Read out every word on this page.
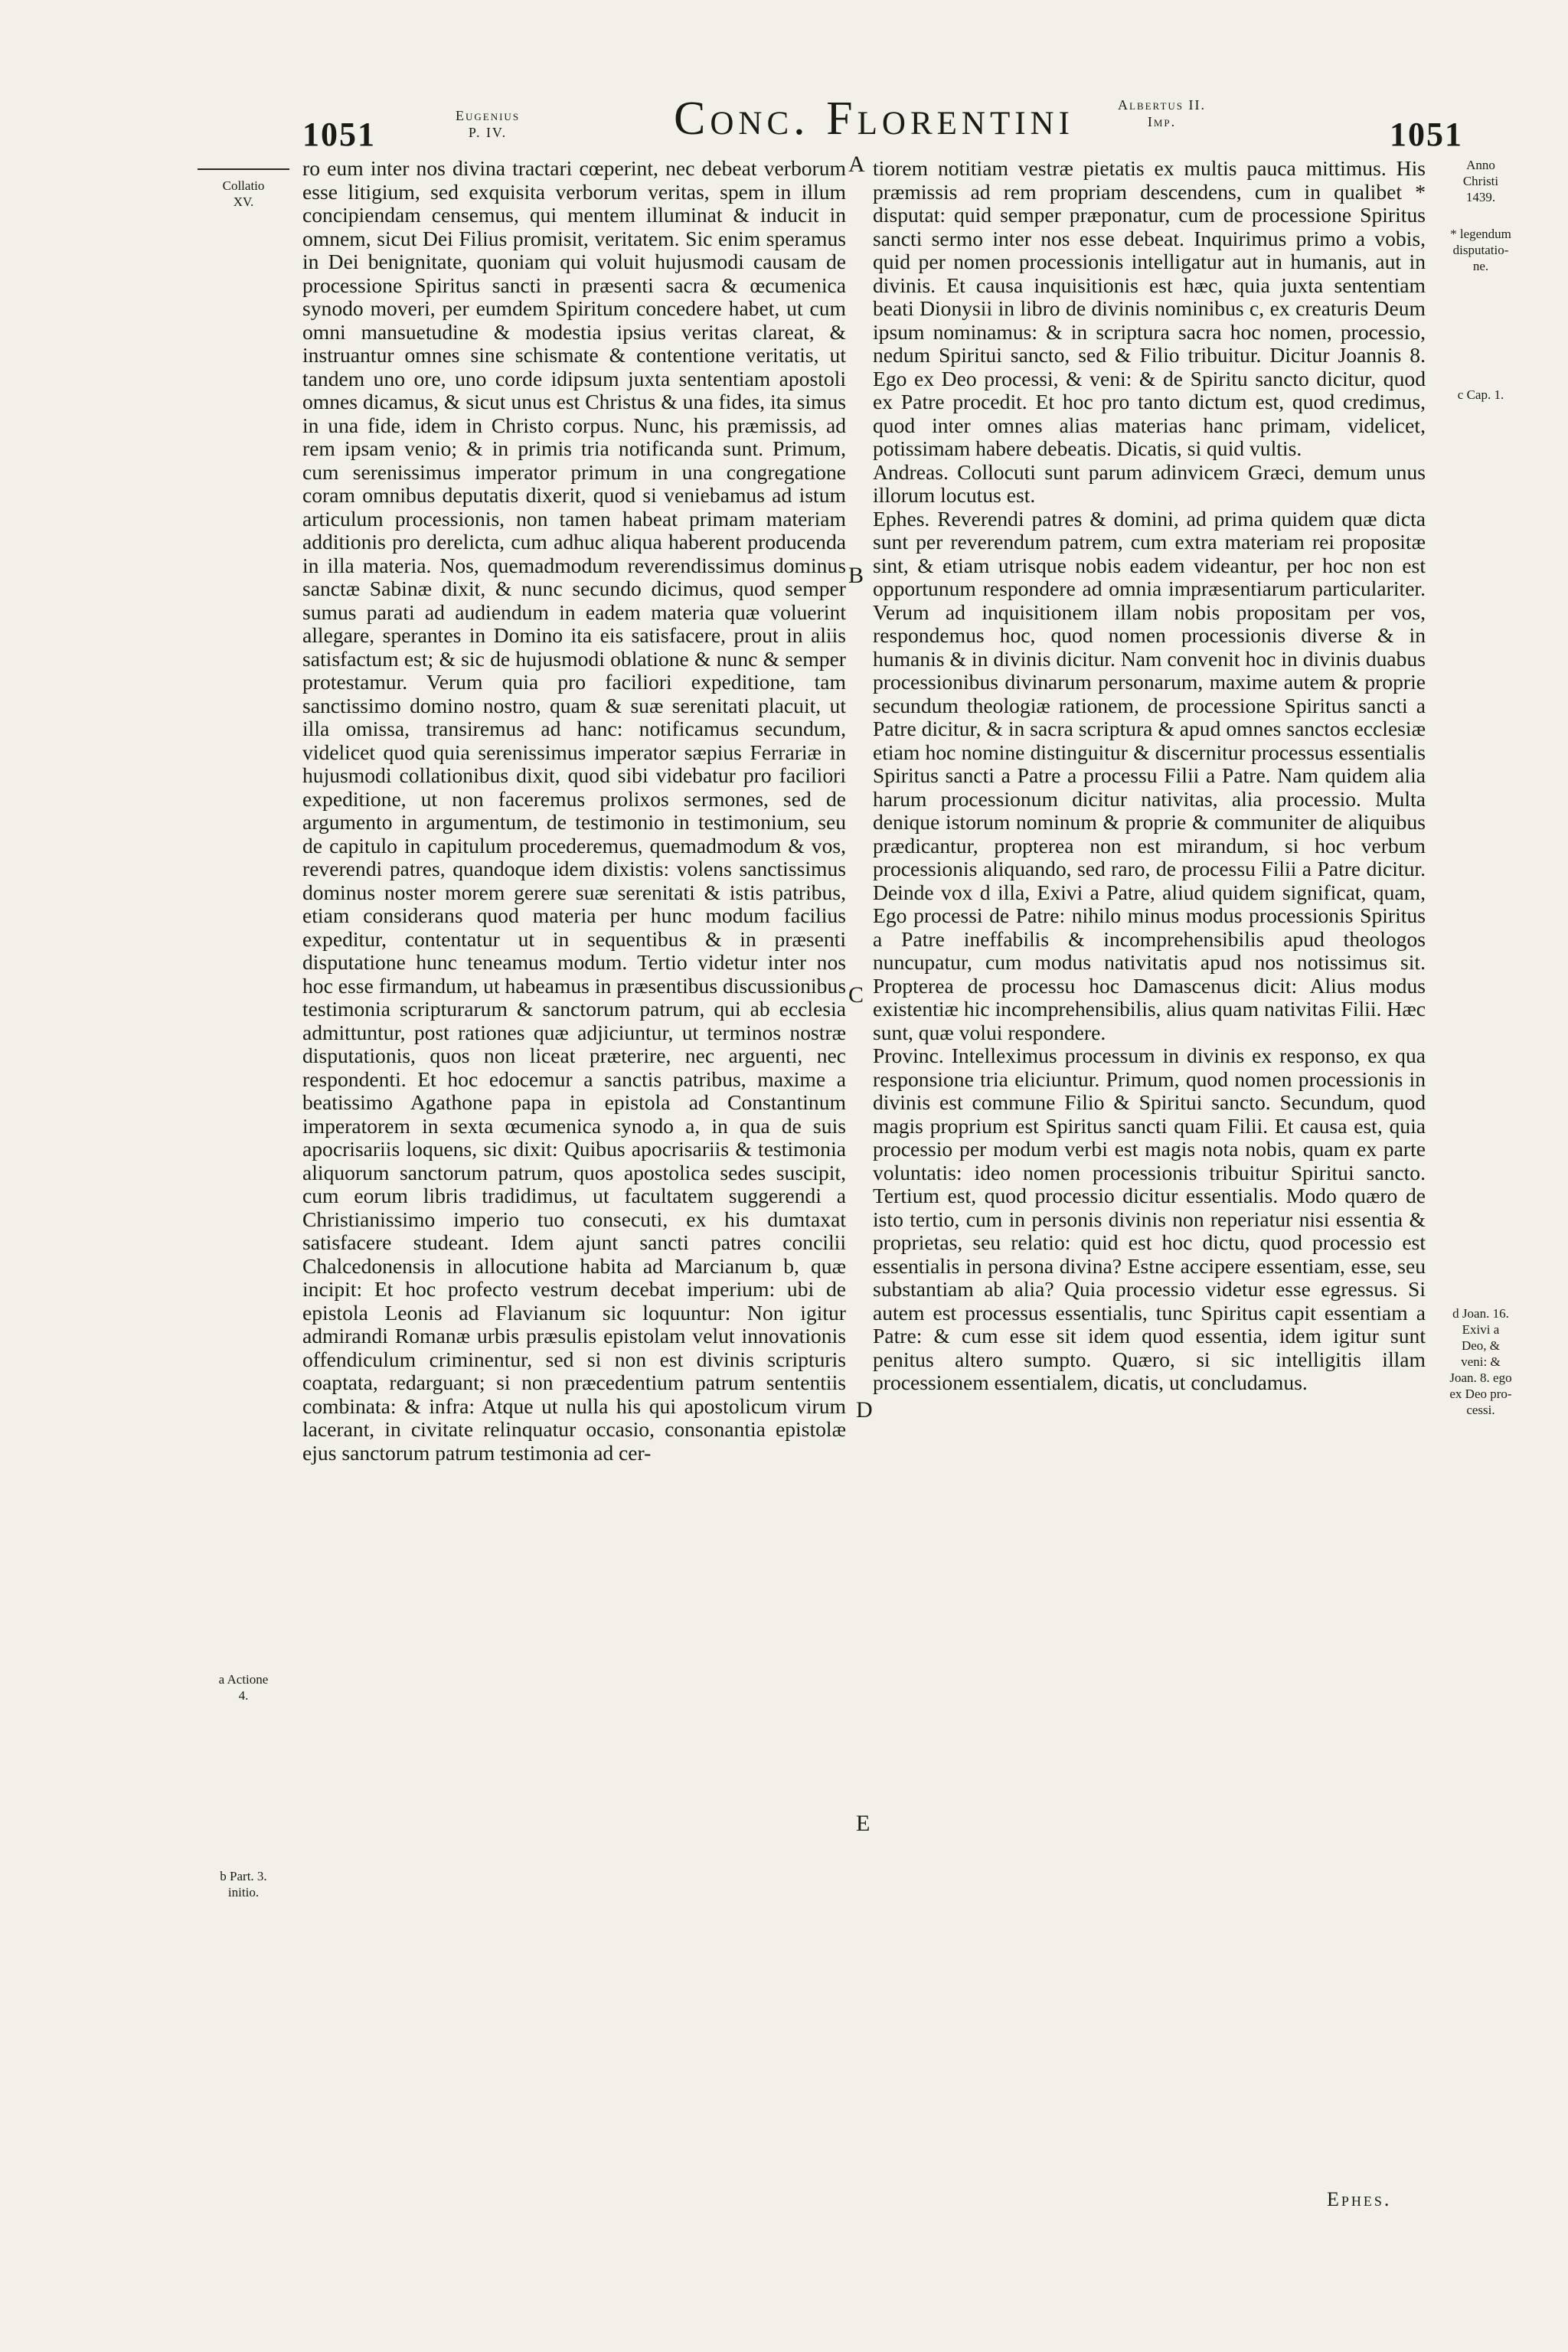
1051	Eugenius
P. IV.	Conc. Florentini	Albertus II.
Imp.	1051
Collatio
XV.
a Actione
4.
b Part. 3.
initio.
A
B
C
D
E

ro eum inter nos divina tractari cœperint, nec debeat verborum esse litigium, sed exquisita verborum veritas, spem in illum concipiendam censemus, qui mentem illuminat & inducit in omnem, sicut Dei Filius promisit, veritatem. Sic enim speramus in Dei benignitate, quoniam qui voluit hujusmodi causam de processione Spiritus sancti in præsenti sacra & œcumenica synodo moveri, per eumdem Spiritum concedere habet, ut cum omni mansuetudine & modestia ipsius veritas clareat, & instruantur omnes sine schismate & contentione veritatis, ut tandem uno ore, uno corde idipsum juxta sententiam apostoli omnes dicamus, & sicut unus est Christus & una fides, ita simus in una fide, idem in Christo corpus. Nunc, his præmissis, ad rem ipsam venio; & in primis tria notificanda sunt. Primum, cum serenissimus imperator primum in una congregatione coram omnibus deputatis dixerit, quod si veniebamus ad istum articulum processionis, non tamen habeat primam materiam additionis pro derelicta, cum adhuc aliqua haberent producenda in illa materia. Nos, quemadmodum reverendissimus dominus sanctæ Sabinæ dixit, & nunc secundo dicimus, quod semper sumus parati ad audiendum in eadem materia quæ voluerint allegare, sperantes in Domino ita eis satisfacere, prout in aliis satisfactum est; & sic de hujusmodi oblatione & nunc & semper protestamur. Verum quia pro faciliori expeditione, tam sanctissimo domino nostro, quam & suæ serenitati placuit, ut illa omissa, transiremus ad hanc: notificamus secundum, videlicet quod quia serenissimus imperator sæpius Ferrariæ in hujusmodi collationibus dixit, quod sibi videbatur pro faciliori expeditione, ut non faceremus prolixos sermones, sed de argumento in argumentum, de testimonio in testimonium, seu de capitulo in capitulum procederemus, quemadmodum & vos, reverendi patres, quandoque idem dixistis: volens sanctissimus dominus noster morem gerere suæ serenitati & istis patribus, etiam considerans quod materia per hunc modum facilius expeditur, contentatur ut in sequentibus & in præsenti disputatione hunc teneamus modum. Tertio videtur inter nos hoc esse firmandum, ut habeamus in præsentibus discussionibus testimonia scripturarum & sanctorum patrum, qui ab ecclesia admittuntur, post rationes quæ adjiciuntur, ut terminos nostræ disputationis, quos non liceat præterire, nec arguenti, nec respondenti. Et hoc edocemur a sanctis patribus, maxime a beatissimo Agathone papa in epistola ad Constantinum imperatorem in sexta œcumenica synodo a, in qua de suis apocrisariis loquens, sic dixit: Quibus apocrisariis & testimonia aliquorum sanctorum patrum, quos apostolica sedes suscipit, cum eorum libris tradidimus, ut facultatem suggerendi a Christianissimo imperio tuo consecuti, ex his dumtaxat satisfacere studeant. Idem ajunt sancti patres concilii Chalcedonensis in allocutione habita ad Marcianum b, quæ incipit: Et hoc profecto vestrum decebat imperium: ubi de epistola Leonis ad Flavianum sic loquuntur: Non igitur admirandi Romanæ urbis præsulis epistolam velut innovationis offendiculum criminentur, sed si non est divinis scripturis coaptata, redarguant; si non præcedentium patrum sententiis combinata: & infra: Atque ut nulla his qui apostolicum virum lacerant, in civitate relinquatur occasio, consonantia epistolæ ejus sanctorum patrum testimonia ad cer-

tiorem notitiam vestræ pietatis ex multis pauca mittimus. His præmissis ad rem propriam descendens, cum in qualibet * disputat: quid semper præponatur, cum de processione Spiritus sancti sermo inter nos esse debeat. Inquirimus primo a vobis, quid per nomen processionis intelligatur aut in humanis, aut in divinis. Et causa inquisitionis est hæc, quia juxta sententiam beati Dionysii in libro de divinis nominibus c, ex creaturis Deum ipsum nominamus: & in scriptura sacra hoc nomen, processio, nedum Spiritui sancto, sed & Filio tribuitur. Dicitur Joannis 8. Ego ex Deo processi, & veni: & de Spiritu sancto dicitur, quod ex Patre procedit. Et hoc pro tanto dictum est, quod credimus, quod inter omnes alias materias hanc primam, videlicet, potissimam habere debeatis. Dicatis, si quid vultis.

Andreas. Collocuti sunt parum adinvicem Græci, demum unus illorum locutus est.

Ephes. Reverendi patres & domini, ad prima quidem quæ dicta sunt per reverendum patrem, cum extra materiam rei propositæ sint, & etiam utrisque nobis eadem videantur, per hoc non est opportunum respondere ad omnia impræsentiarum particulariter. Verum ad inquisitionem illam nobis propositam per vos, respondemus hoc, quod nomen processionis diverse & in humanis & in divinis dicitur. Nam convenit hoc in divinis duabus processionibus divinarum personarum, maxime autem & proprie secundum theologiæ rationem, de processione Spiritus sancti a Patre dicitur, & in sacra scriptura & apud omnes sanctos ecclesiæ etiam hoc nomine distinguitur & discernitur processus essentialis Spiritus sancti a Patre a processu Filii a Patre. Nam quidem alia harum processionum dicitur nativitas, alia processio. Multa denique istorum nominum & proprie & communiter de aliquibus prædicantur, propterea non est mirandum, si hoc verbum processionis aliquando, sed raro, de processu Filii a Patre dicitur. Deinde vox d illa, Exivi a Patre, aliud quidem significat, quam, Ego processi de Patre: nihilo minus modus processionis Spiritus a Patre ineffabilis & incomprehensibilis apud theologos nuncupatur, cum modus nativitatis apud nos notissimus sit. Propterea de processu hoc Damascenus dicit: Alius modus existentiæ hic incomprehensibilis, alius quam nativitas Filii. Hæc sunt, quæ volui respondere.

Provinc. Intelleximus processum in divinis ex responso, ex qua responsione tria eliciuntur. Primum, quod nomen processionis in divinis est commune Filio & Spiritui sancto. Secundum, quod magis proprium est Spiritus sancti quam Filii. Et causa est, quia processio per modum verbi est magis nota nobis, quam ex parte voluntatis: ideo nomen processionis tribuitur Spiritui sancto. Tertium est, quod processio dicitur essentialis. Modo quæro de isto tertio, cum in personis divinis non reperiatur nisi essentia & proprietas, seu relatio: quid est hoc dictu, quod processio est essentialis in persona divina? Estne accipere essentiam, esse, seu substantiam ab alia? Quia processio videtur esse egressus. Si autem est processus essentialis, tunc Spiritus capit essentiam a Patre: & cum esse sit idem quod essentia, idem igitur sunt penitus altero sumpto. Quæro, si sic intelligitis illam processionem essentialem, dicatis, ut concludamus.

Anno
Christi
1439.
* legendum
disputatio-
ne.
c Cap. 1.
d Joan. 16.
Exivi a
Deo, &
veni: &
Joan. 8. ego
ex Deo pro-
cessi.
Ephes.
